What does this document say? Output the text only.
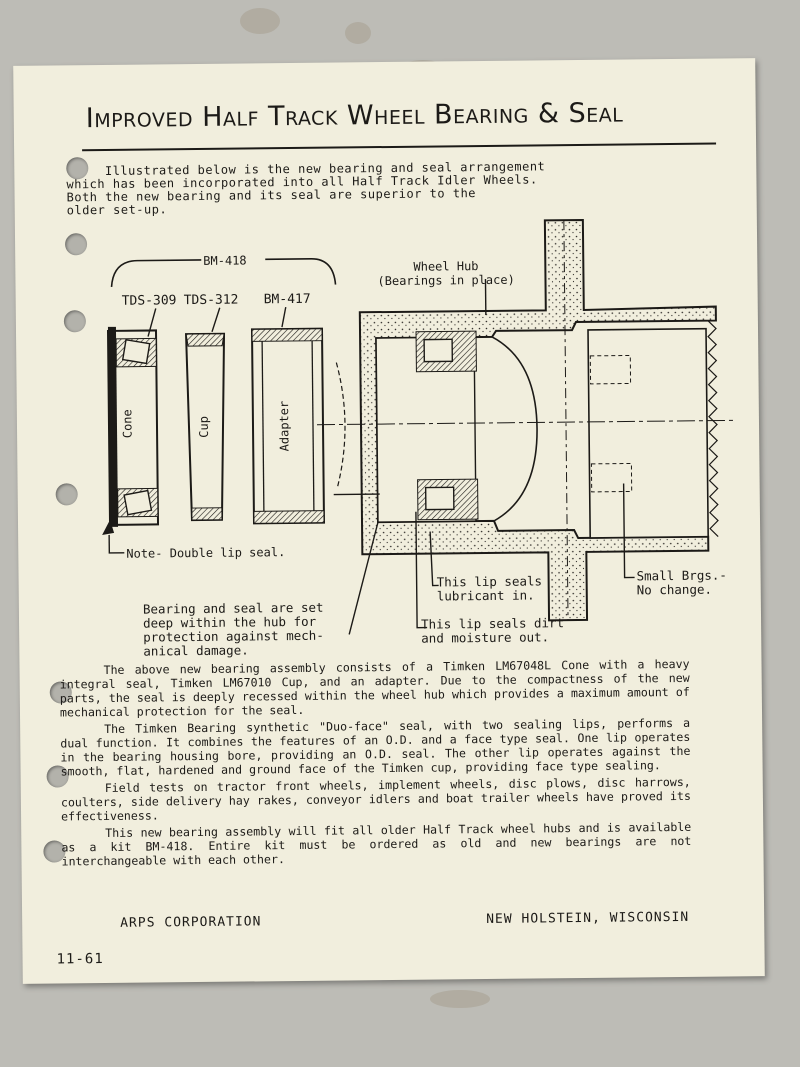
Improved Half Track Wheel Bearing & Seal
Illustrated below is the new bearing and seal arrangement
which has been incorporated into all Half Track Idler Wheels.
Both the new bearing and its seal are superior to the
older set-up.
BM-418
TDS-309 TDS-312 BM-417
Cone	Cup	Adapter
Note- Double lip seal.
Wheel Hub
(Bearings in place)
Bearing and seal are set
deep within the hub for
protection against mech-
anical damage.
This lip seals
lubricant in.
This lip seals dirt
and moisture out.
Small Brgs.-
No change.

The above new bearing assembly consists of a Timken LM67048L Cone with a heavy integral seal, Timken LM67010 Cup, and an adapter. Due to the compactness of the new parts, the seal is deeply recessed within the wheel hub which provides a maximum amount of mechanical protection for the seal.

The Timken Bearing synthetic "Duo-face" seal, with two sealing lips, performs a dual function. It combines the features of an O.D. and a face type seal. One lip operates in the bearing housing bore, providing an O.D. seal. The other lip operates against the smooth, flat, hardened and ground face of the Timken cup, providing face type sealing.

Field tests on tractor front wheels, implement wheels, disc plows, disc harrows, coulters, side delivery hay rakes, conveyor idlers and boat trailer wheels have proved its effectiveness.

This new bearing assembly will fit all older Half Track wheel hubs and is available as a kit BM-418. Entire kit must be ordered as old and new bearings are not interchangeable with each other.

ARPS CORPORATION	NEW HOLSTEIN, WISCONSIN
11-61
